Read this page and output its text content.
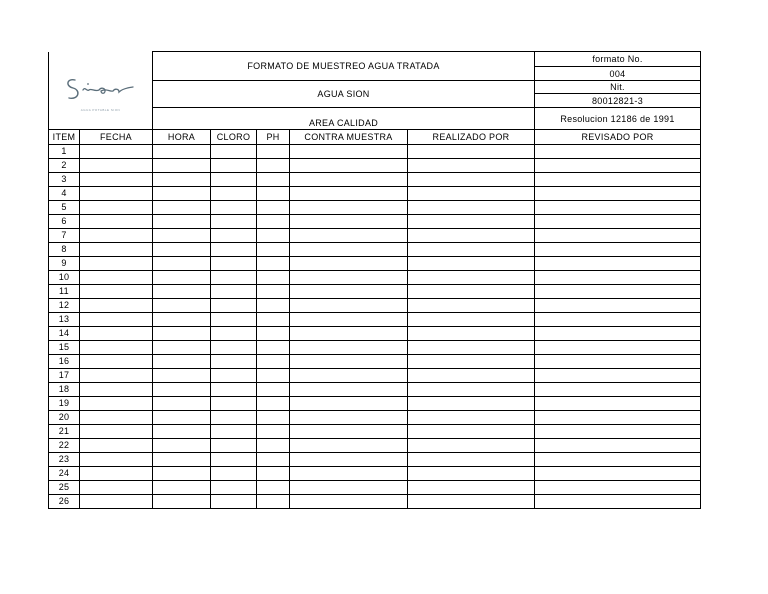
AGUA POTABLE SION	FORMATO DE MUESTREO AGUA TRATADA	formato No.
		004
	AGUA SION	Nit.
		80012821-3
	AREA CALIDAD	Resolucion 12186 de 1991

ITEM	FECHA	HORA	CLORO	PH	CONTRA MUESTRA	REALIZADO POR	REVISADO POR
1							
2							
3							
4							
5							
6							
7							
8							
9							
10							
11							
12							
13							
14							
15							
16							
17							
18							
19							
20							
21							
22							
23							
24							
25							
26							
